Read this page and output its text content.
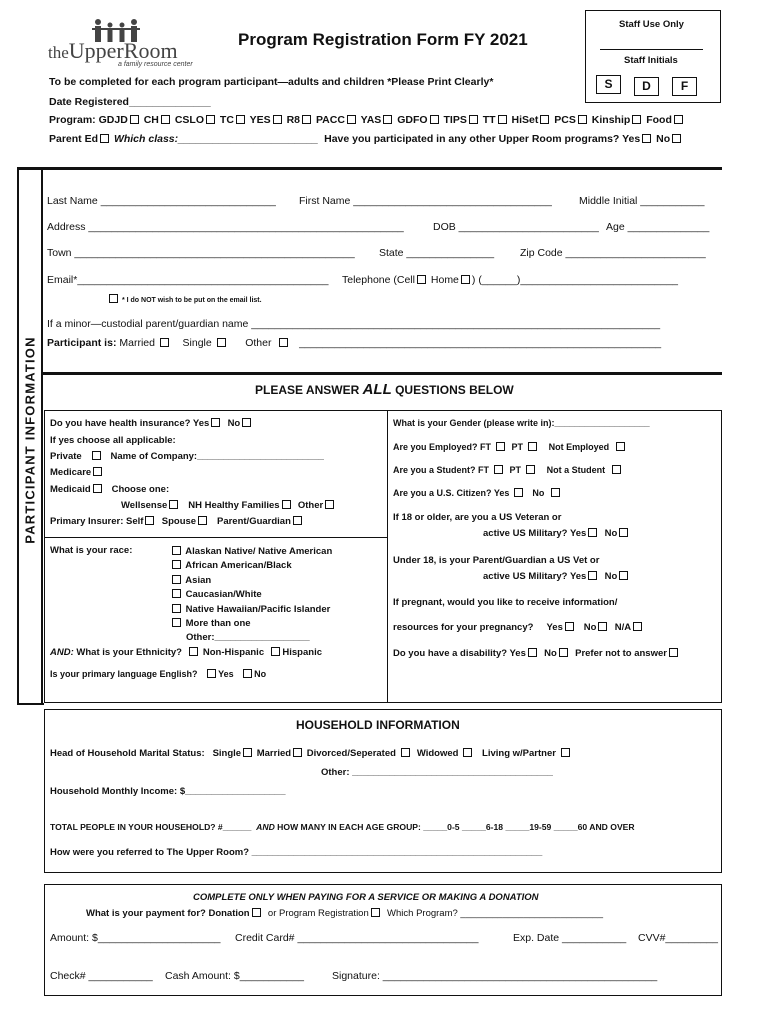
theUpperRoom
a family resource center
Program Registration Form FY 2021
Staff Use Only
Staff Initials
S	D	F
To be completed for each program participant—adults and children *Please Print Clearly*
Date Registered______________
Program: GDJD CH CSLO TC YES R8 PACC YAS GDFO TIPS TT HiSet PCS Kinship Food
Parent Ed Which class:________________________ Have you participated in any other Upper Room programs? Yes No
PARTICIPANT INFORMATION
Last Name ______________________________ First Name __________________________________	Middle Initial ___________
Address ______________________________________________________	DOB ________________________ Age ______________
Town ________________________________________________ State _______________ Zip Code ________________________
Email*___________________________________________ Telephone (Cell Home ) (______)___________________________
* I do NOT wish to be put on the email list.
If a minor—custodial parent/guardian name ______________________________________________________________________
Participant is: Married	Single	Other	______________________________________________________________
PLEASE ANSWER ALL QUESTIONS BELOW
Do you have health insurance? Yes No
If yes choose all applicable:
Private	Name of Company:________________________
Medicare
Medicaid Choose one:
Wellsense NH Healthy Families Other
Primary Insurer: Self Spouse Parent/Guardian
What is your race:	Alaskan Native/ Native American
African American/Black
Asian
Caucasian/White
Native Hawaiian/Pacific Islander
More than one
Other:__________________
AND: What is your Ethnicity? Non-Hispanic Hispanic
Is your primary language English? Yes No
What is your Gender (please write in):___________________
Are you Employed? FT PT	Not Employed
Are you a Student? FT PT	Not a Student
Are you a U.S. Citizen? Yes	No
If 18 or older, are you a US Veteran or
active US Military? Yes No
Under 18, is your Parent/Guardian a US Vet or
active US Military? Yes No
If pregnant, would you like to receive information/
resources for your pregnancy? Yes No N/A
Do you have a disability? Yes No Prefer not to answer
HOUSEHOLD INFORMATION
Head of Household Marital Status: Single Married Divorced/Seperated Widowed Living w/Partner
Other: ______________________________________
Household Monthly Income: $___________________
TOTAL PEOPLE IN YOUR HOUSEHOLD? #______ AND HOW MANY IN EACH AGE GROUP: _____0-5 _____6-18 _____19-59 _____60 AND OVER
How were you referred to The Upper Room? _______________________________________________________
COMPLETE ONLY WHEN PAYING FOR A SERVICE OR MAKING A DONATION
What is your payment for? Donation or Program Registration Which Program? ___________________________
Amount: $_____________________ Credit Card# _______________________________	Exp. Date ___________ CVV#_________
Check# ___________ Cash Amount: $___________	Signature: _______________________________________________
